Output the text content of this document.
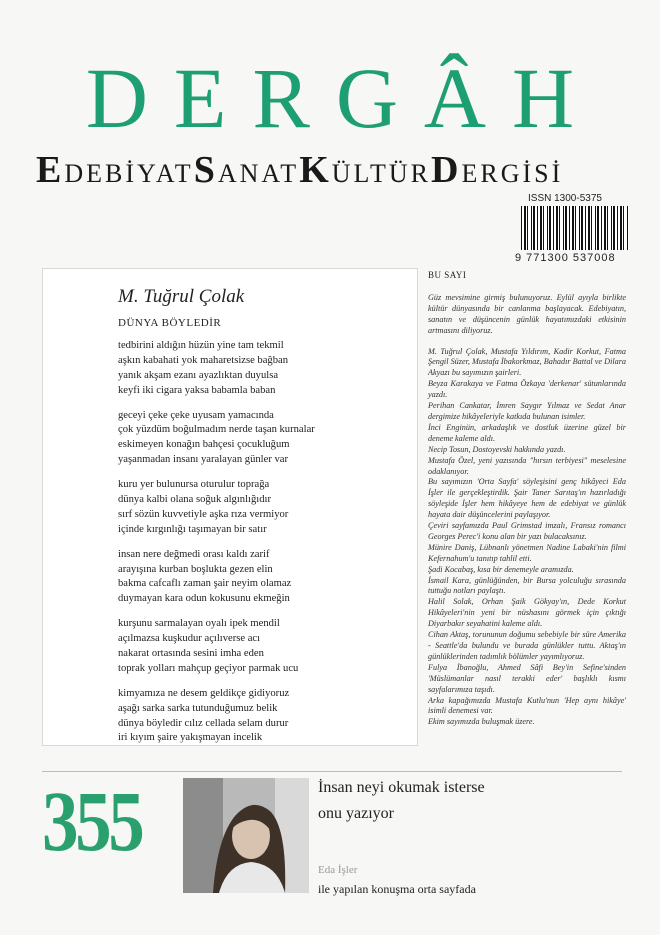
DERGÂH
EDEBİYATSANATKÜLTÜRDERGİSİ
ISSN 1300-5375
9 771300 537008
M. Tuğrul Çolak
DÜNYA BÖYLEDİR
tedbirini aldığın hüzün yine tam tekmil
aşkın kabahati yok maharetsizse bağban
yanık akşam ezanı ayazlıktan duyulsa
keyfi iki cigara yaksa babamla baban
geceyi çeke çeke uyusam yamacında
çok yüzdüm boğulmadım nerde taşan kurnalar
eskimeyen konağın bahçesi çocukluğum
yaşanmadan insanı yaralayan günler var
kuru yer bulunursa oturulur toprağa
dünya kalbi olana soğuk algınlığıdır
sırf sözün kuvvetiyle aşka rıza vermiyor
içinde kırgınlığı taşımayan bir satır
insan nere değmedi orası kaldı zarif
arayışına kurban boşlukta gezen elin
bakma cafcaflı zaman şair neyim olamaz
duymayan kara odun kokusunu ekmeğin
kurşunu sarmalayan oyalı ipek mendil
açılmazsa kuşkudur açılıverse acı
nakarat ortasında sesini imha eden
toprak yolları mahçup geçiyor parmak ucu
kimyamıza ne desem geldikçe gidiyoruz
aşağı sarka sarka tutunduğumuz belik
dünya böyledir cılız cellada selam durur
iri kıyım şaire yakışmayan incelik
BU SAYI

Güz mevsimine girmiş bulunuyoruz. Eylül ayıyla birlikte kültür dünyasında bir canlanma başlayacak. Edebiyatın, sanatın ve düşüncenin günlük hayatımızdaki etkisinin artmasını diliyoruz.

M. Tuğrul Çolak, Mustafa Yıldırım, Kadir Korkut, Fatma Şengil Süzer, Mustafa İbakorkmaz, Bahadır Battal ve Dilara Akyazı bu sayımızın şairleri.
Beyza Karakaya ve Fatma Özkaya 'derkenar' sütunlarında yazdı.
Perihan Cankatar, İmren Saygır Yılmaz ve Sedat Anar dergimize hikâyeleriyle katkıda bulunan isimler.
İnci Enginün, arkadaşlık ve dostluk üzerine güzel bir deneme kaleme aldı.
Necip Tosun, Dostoyevski hakkında yazdı.
Mustafa Özel, yeni yazısında "hırsın terbiyesi" meselesine odaklanıyor.
Bu sayımızın 'Orta Sayfa' söyleşisini genç hikâyeci Eda İşler ile gerçekleştirdik. Şair Taner Sarıtaş'ın hazırladığı söyleşide İşler hem hikâyeye hem de edebiyat ve günlük hayata dair düşüncelerini paylaşıyor.
Çeviri sayfamızda Paul Grimstad imzalı, Fransız romancı Georges Perec'i konu alan bir yazı bulacaksınız.
Münire Daniş, Lübnanlı yönetmen Nadine Labaki'nin filmi Kefernahum'u tanıtıp tahlil etti.
Şadi Kocabaş, kısa bir denemeyle aramızda.
İsmail Kara, günlüğünden, bir Bursa yolculuğu sırasında tuttuğu notları paylaştı.
Halil Solak, Orhan Şaik Gökyay'ın, Dede Korkut Hikâyeleri'nin yeni bir nüshasını görmek için çıktığı Diyarbakır seyahatini kaleme aldı.
Cihan Aktaş, torununun doğumu sebebiyle bir süre Amerika - Seattle'da bulundu ve burada günlükler tuttu. Aktaş'ın günlüklerinden tadımlık bölümler yayımlıyoruz.
Fulya İbanoğlu, Ahmed Sâfi Bey'in Sefine'sinden 'Müslümanlar nasıl terakki eder' başlıklı kısmı sayfalarımıza taşıdı.
Arka kapağımızda Mustafa Kutlu'nun 'Hep aynı hikâye' isimli denemesi var.
Ekim sayımızda buluşmak üzere.
355	İnsan neyi okumak isterse
onu yazıyor
Eda İşler
ile yapılan konuşma orta sayfada
